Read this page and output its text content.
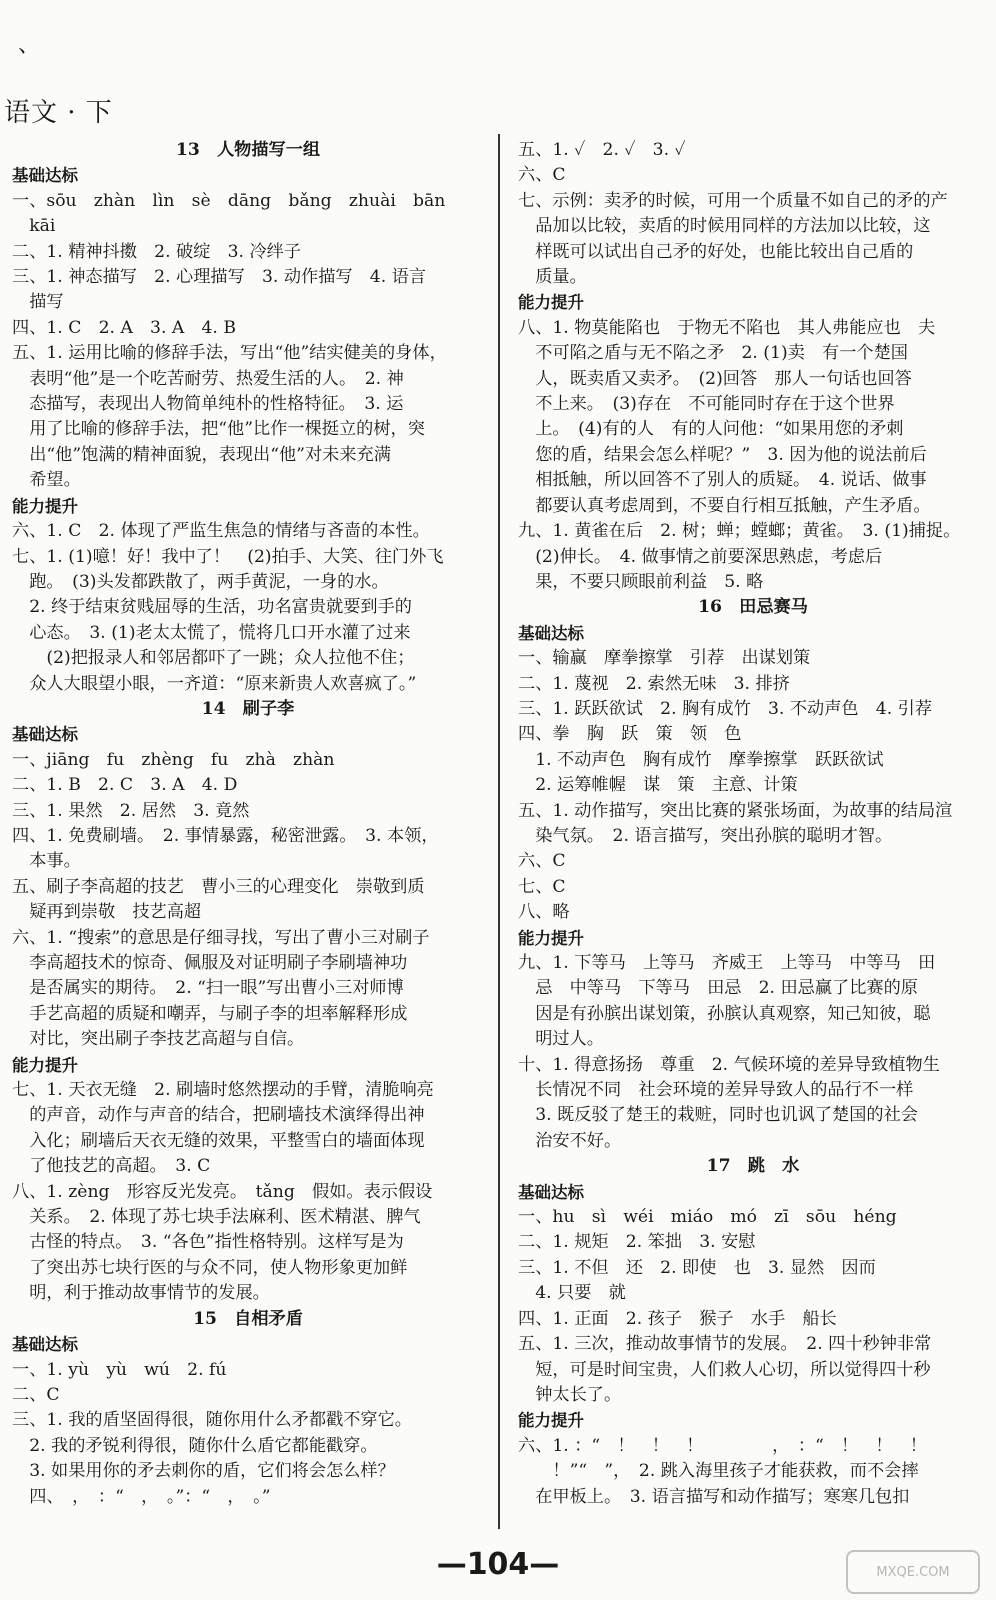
、
语文 · 下
13　人物描写一组
基础达标
一、sōu　zhàn　lìn　sè　dāng　bǎng　zhuài　bān
　kāi
二、1. 精神抖擞　2. 破绽　3. 冷绊子
三、1. 神态描写　2. 心理描写　3. 动作描写　4. 语言
　描写
四、1. C　2. A　3. A　4. B
五、1. 运用比喻的修辞手法，写出“他”结实健美的身体，
　表明“他”是一个吃苦耐劳、热爱生活的人。　2. 神
　态描写，表现出人物简单纯朴的性格特征。　3. 运
　用了比喻的修辞手法，把“他”比作一棵挺立的树，突
　出“他”饱满的精神面貌，表现出“他”对未来充满
　希望。
能力提升
六、1. C　2. 体现了严监生焦急的情绪与吝啬的本性。
七、1. (1)噫！好！我中了！　(2)拍手、大笑、往门外飞
　跑。　(3)头发都跌散了，两手黄泥，一身的水。
　2. 终于结束贫贱屈辱的生活，功名富贵就要到手的
　心态。　3. (1)老太太慌了，慌将几口开水灌了过来
　　(2)把报录人和邻居都吓了一跳；众人拉他不住；
　众人大眼望小眼，一齐道：“原来新贵人欢喜疯了。”
14　刷子李
基础达标
一、jiāng　fu　zhèng　fu　zhà　zhàn
二、1. B　2. C　3. A　4. D
三、1. 果然　2. 居然　3. 竟然
四、1. 免费刷墙。　2. 事情暴露，秘密泄露。　3. 本领，
　本事。
五、刷子李高超的技艺　曹小三的心理变化　崇敬到质
　疑再到崇敬　技艺高超
六、1. “搜索”的意思是仔细寻找，写出了曹小三对刷子
　李高超技术的惊奇、佩服及对证明刷子李刷墙神功
　是否属实的期待。　2. “扫一眼”写出曹小三对师博
　手艺高超的质疑和嘲弄，与刷子李的坦率解释形成
　对比，突出刷子李技艺高超与自信。
能力提升
七、1. 天衣无缝　2. 刷墙时悠然摆动的手臂，清脆响亮
　的声音，动作与声音的结合，把刷墙技术演绎得出神
　入化；刷墙后天衣无缝的效果，平整雪白的墙面体现
　了他技艺的高超。　3. C
八、1. zèng　形容反光发亮。　tǎng　假如。表示假设
　关系。　2. 体现了苏七块手法麻利、医术精湛、脾气
　古怪的特点。　3. “各色”指性格特别。这样写是为
　了突出苏七块行医的与众不同，使人物形象更加鲜
　明，利于推动故事情节的发展。
15　自相矛盾
基础达标
一、1. yù　yù　wú　2. fú
二、C
三、1. 我的盾坚固得很，随你用什么矛都戳不穿它。
　2. 我的矛锐利得很，随你什么盾它都能戳穿。
　3. 如果用你的矛去刺你的盾，它们将会怎么样？
　四、　，　：“　，　。”：“　，　。”
五、1. ✓　2. ✓　3. ✓
六、C
七、示例：卖矛的时候，可用一个质量不如自己的矛的产
　品加以比较，卖盾的时候用同样的方法加以比较，这
　样既可以试出自己矛的好处，也能比较出自己盾的
　质量。
能力提升
八、1. 物莫能陷也　于物无不陷也　其人弗能应也　夫
　不可陷之盾与无不陷之矛　2. (1)卖　有一个楚国
　人，既卖盾又卖矛。　(2)回答　那人一句话也回答
　不上来。　(3)存在　不可能同时存在于这个世界
　上。　(4)有的人　有的人问他：“如果用您的矛刺
　您的盾，结果会怎么样呢？”　3. 因为他的说法前后
　相抵触，所以回答不了别人的质疑。　4. 说话、做事
　都要认真考虑周到，不要自行相互抵触，产生矛盾。
九、1. 黄雀在后　2. 树；蝉；螳螂；黄雀。　3. (1)捕捉。
　(2)伸长。　4. 做事情之前要深思熟虑，考虑后
　果，不要只顾眼前利益　5. 略
16　田忌赛马
基础达标
一、输赢　摩拳擦掌　引荐　出谋划策
二、1. 蔑视　2. 索然无味　3. 排挤
三、1. 跃跃欲试　2. 胸有成竹　3. 不动声色　4. 引荐
四、拳　胸　跃　策　领　色
　1. 不动声色　胸有成竹　摩拳擦掌　跃跃欲试
　2. 运筹帷幄　谋　策　主意、计策
五、1. 动作描写，突出比赛的紧张场面，为故事的结局渲
　染气氛。　2. 语言描写，突出孙膑的聪明才智。
六、C
七、C
八、略
能力提升
九、1. 下等马　上等马　齐威王　上等马　中等马　田
　忌　中等马　下等马　田忌　2. 田忌赢了比赛的原
　因是有孙膑出谋划策，孙膑认真观察，知己知彼，聪
　明过人。
十、1. 得意扬扬　尊重　2. 气候环境的差异导致植物生
　长情况不同　社会环境的差异导致人的品行不一样
　3. 既反驳了楚王的栽赃，同时也讥讽了楚国的社会
　治安不好。
17　跳　水
基础达标
一、hu　sì　wéi　miáo　mó　zī　sōu　héng
二、1. 规矩　2. 笨拙　3. 安慰
三、1. 不但　还　2. 即使　也　3. 显然　因而
　4. 只要　就
四、1. 正面　2. 孩子　猴子　水手　船长
五、1. 三次，推动故事情节的发展。　2. 四十秒钟非常
　短，可是时间宝贵，人们救人心切，所以觉得四十秒
　钟太长了。
能力提升
六、1. ：“　！　！　！　　　　，　：“　！　！　！
　　！”“　”，　2. 跳入海里孩子才能获救，而不会摔
　在甲板上。　3. 语言描写和动作描写；寒寒几包扣
—104—	MXQE.COM
